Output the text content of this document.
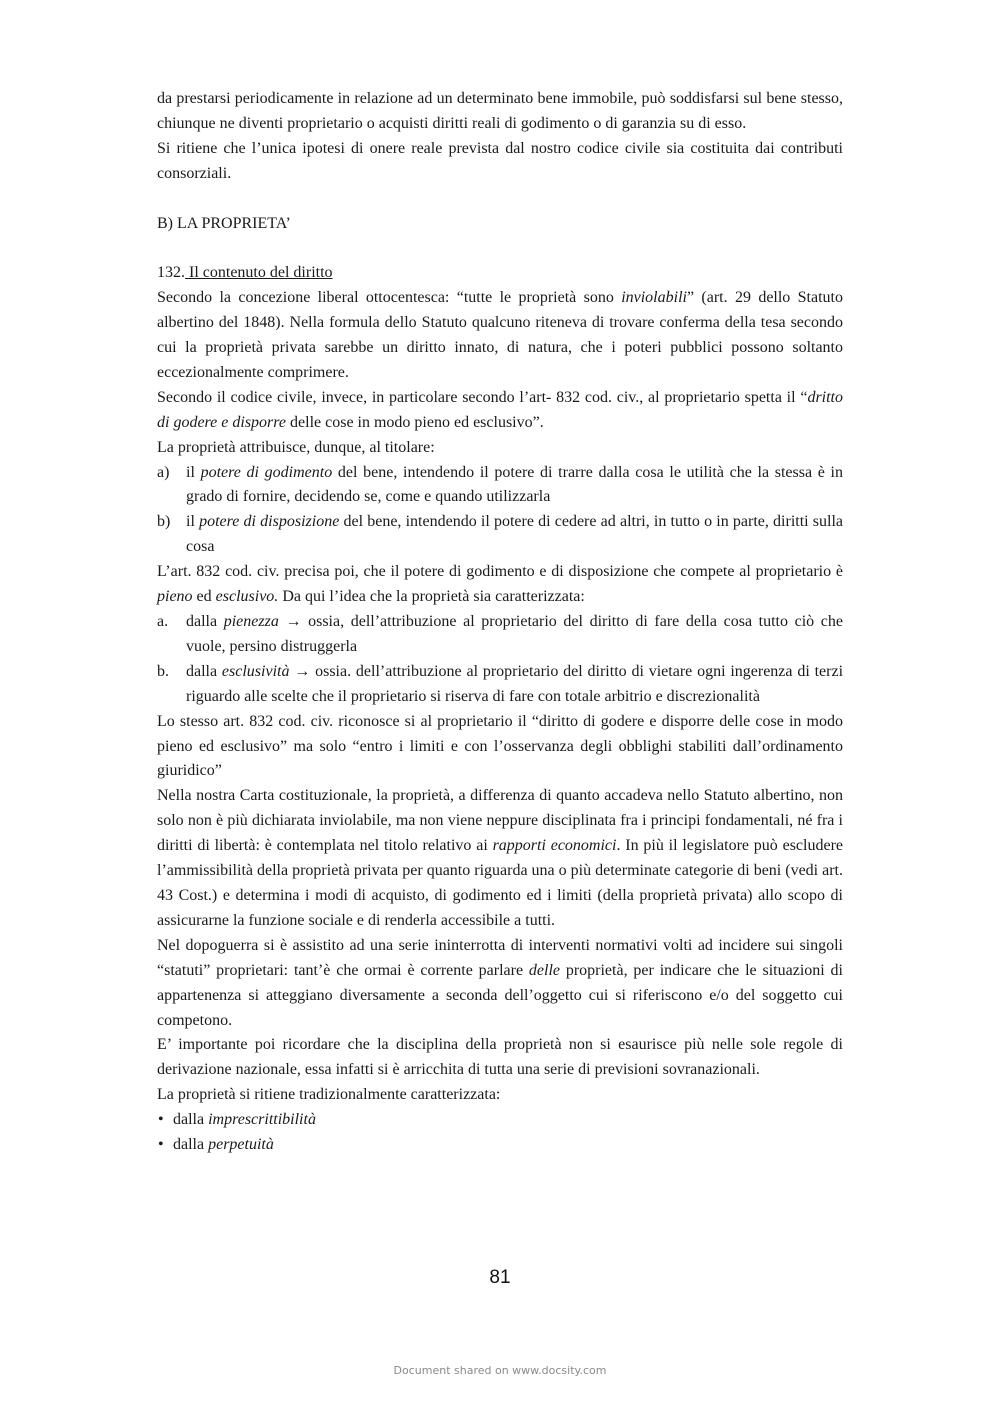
da prestarsi periodicamente in relazione ad un determinato bene immobile, può soddisfarsi sul bene stesso, chiunque ne diventi proprietario o acquisti diritti reali di godimento o di garanzia su di esso.

Si ritiene che l’unica ipotesi di onere reale prevista dal nostro codice civile sia costituita dai contributi consorziali.

B) LA PROPRIETA’

132. Il contenuto del diritto

Secondo la concezione liberal ottocentesca: “tutte le proprietà sono inviolabili” (art. 29 dello Statuto albertino del 1848). Nella formula dello Statuto qualcuno riteneva di trovare conferma della tesa secondo cui la proprietà privata sarebbe un diritto innato, di natura, che i poteri pubblici possono soltanto eccezionalmente comprimere.

Secondo il codice civile, invece, in particolare secondo l’art- 832 cod. civ., al proprietario spetta il “dritto di godere e disporre delle cose in modo pieno ed esclusivo”.

La proprietà attribuisce, dunque, al titolare:

a)	il potere di godimento del bene, intendendo il potere di trarre dalla cosa le utilità che la stessa è in grado di fornire, decidendo se, come e quando utilizzarla
b) il potere di disposizione del bene, intendendo il potere di cedere ad altri, in tutto o in parte, diritti sulla cosa

L’art. 832 cod. civ. precisa poi, che il potere di godimento e di disposizione che compete al proprietario è pieno ed esclusivo. Da qui l’idea che la proprietà sia caratterizzata:

a.	dalla pienezza → ossia, dell’attribuzione al proprietario del diritto di fare della cosa tutto ciò che vuole, persino distruggerla
b.	dalla esclusività → ossia. dell’attribuzione al proprietario del diritto di vietare ogni ingerenza di terzi riguardo alle scelte che il proprietario si riserva di fare con totale arbitrio e discrezionalità

Lo stesso art. 832 cod. civ. riconosce si al proprietario il “diritto di godere e disporre delle cose in modo pieno ed esclusivo” ma solo “entro i limiti e con l’osservanza degli obblighi stabiliti dall’ordinamento giuridico”

Nella nostra Carta costituzionale, la proprietà, a differenza di quanto accadeva nello Statuto albertino, non solo non è più dichiarata inviolabile, ma non viene neppure disciplinata fra i principi fondamentali, né fra i diritti di libertà: è contemplata nel titolo relativo ai rapporti economici. In più il legislatore può escludere l’ammissibilità della proprietà privata per quanto riguarda una o più determinate categorie di beni (vedi art. 43 Cost.) e determina i modi di acquisto, di godimento ed i limiti (della proprietà privata) allo scopo di assicurarne la funzione sociale e di renderla accessibile a tutti.

Nel dopoguerra si è assistito ad una serie ininterrotta di interventi normativi volti ad incidere sui singoli “statuti” proprietari: tant’è che ormai è corrente parlare delle proprietà, per indicare che le situazioni di appartenenza si atteggiano diversamente a seconda dell’oggetto cui si riferiscono e/o del soggetto cui competono.

E’ importante poi ricordare che la disciplina della proprietà non si esaurisce più nelle sole regole di derivazione nazionale, essa infatti si è arricchita di tutta una serie di previsioni sovranazionali.

La proprietà si ritiene tradizionalmente caratterizzata:

• dalla imprescrittibilità
• dalla perpetuità
81
Document shared on www.docsity.com
